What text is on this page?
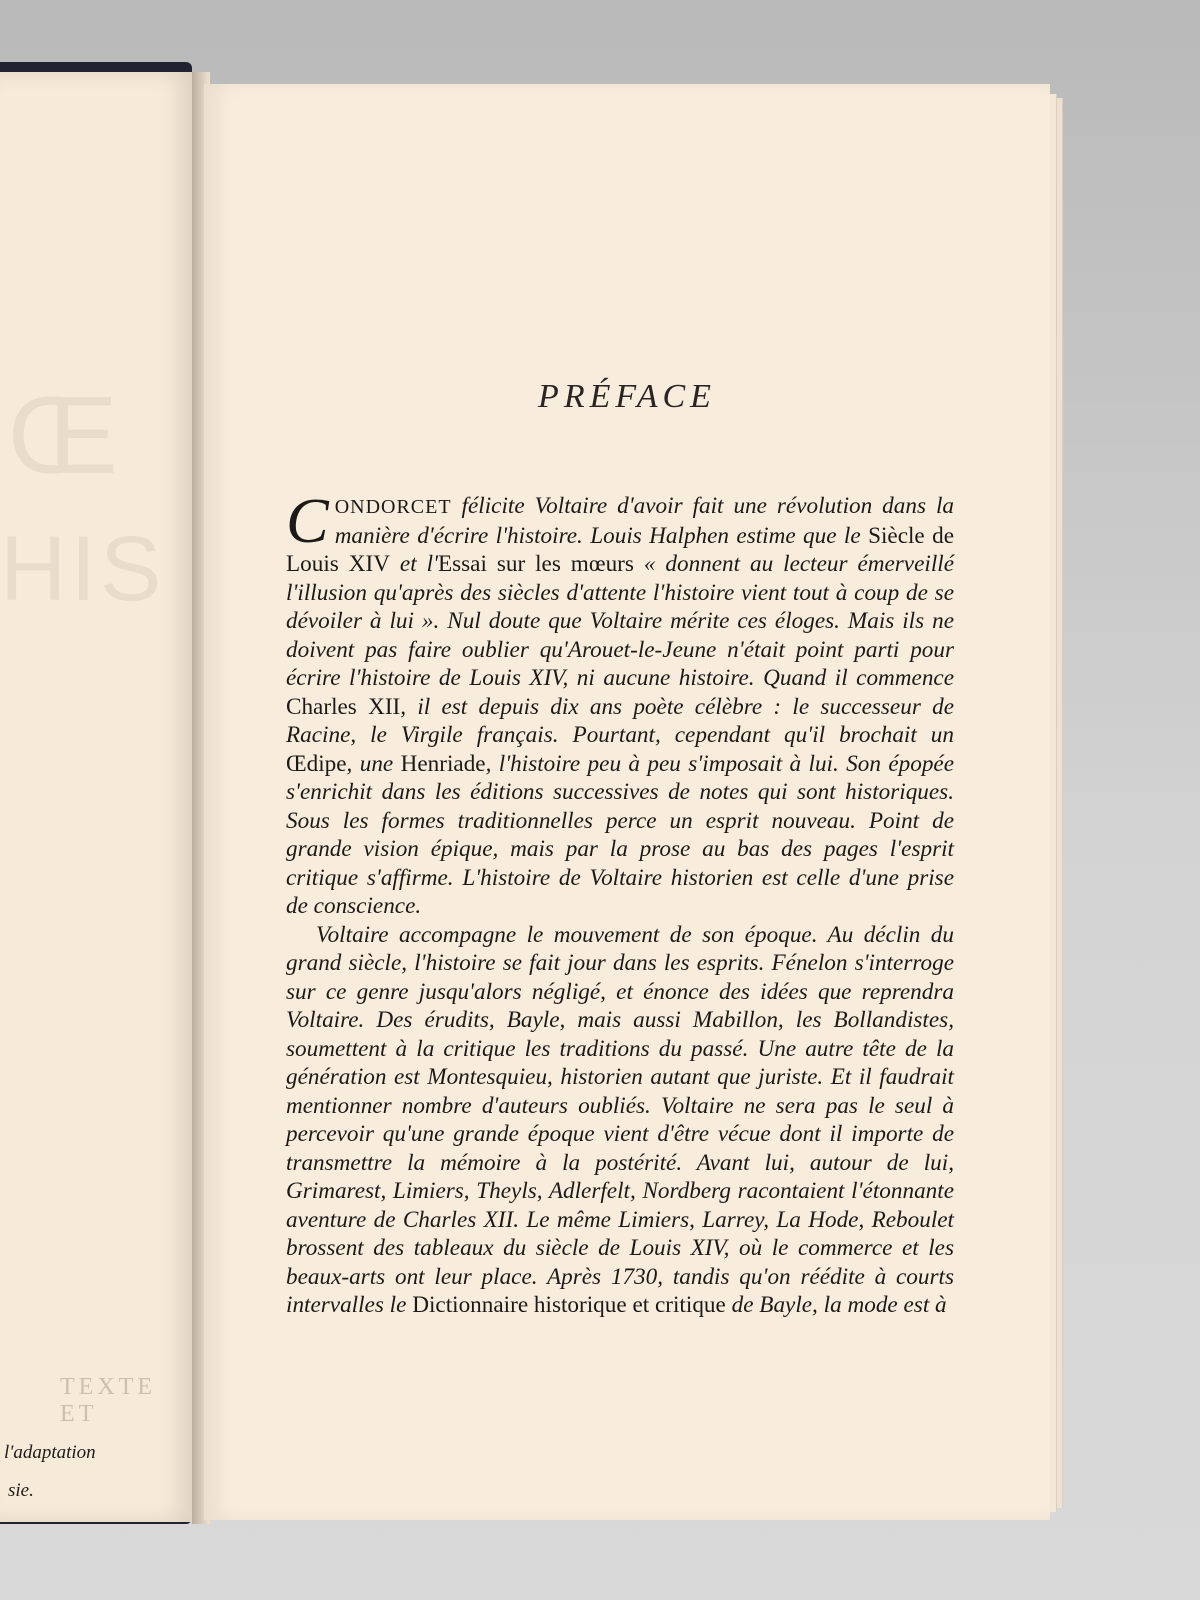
Œ
HIS
TEXTE ET
l'adaptation
sie.
PRÉFACE

CONDORCET félicite Voltaire d'avoir fait une révolution dans la manière d'écrire l'histoire. Louis Halphen estime que le Siècle de Louis XIV et l'Essai sur les mœurs « donnent au lecteur émerveillé l'illusion qu'après des siècles d'attente l'histoire vient tout à coup de se dévoiler à lui ». Nul doute que Voltaire mérite ces éloges. Mais ils ne doivent pas faire oublier qu'Arouet-le-Jeune n'était point parti pour écrire l'histoire de Louis XIV, ni aucune histoire. Quand il commence Charles XII, il est depuis dix ans poète célèbre : le successeur de Racine, le Virgile français. Pourtant, cependant qu'il brochait un Œdipe, une Henriade, l'histoire peu à peu s'imposait à lui. Son épopée s'enrichit dans les éditions successives de notes qui sont historiques. Sous les formes traditionnelles perce un esprit nouveau. Point de grande vision épique, mais par la prose au bas des pages l'esprit critique s'affirme. L'histoire de Voltaire historien est celle d'une prise de conscience.

Voltaire accompagne le mouvement de son époque. Au déclin du grand siècle, l'histoire se fait jour dans les esprits. Fénelon s'interroge sur ce genre jusqu'alors négligé, et énonce des idées que reprendra Voltaire. Des érudits, Bayle, mais aussi Mabillon, les Bollandistes, soumettent à la critique les traditions du passé. Une autre tête de la génération est Montesquieu, historien autant que juriste. Et il faudrait mentionner nombre d'auteurs oubliés. Voltaire ne sera pas le seul à percevoir qu'une grande époque vient d'être vécue dont il importe de transmettre la mémoire à la postérité. Avant lui, autour de lui, Grimarest, Limiers, Theyls, Adlerfelt, Nordberg racontaient l'étonnante aventure de Charles XII. Le même Limiers, Larrey, La Hode, Reboulet brossent des tableaux du siècle de Louis XIV, où le commerce et les beaux-arts ont leur place. Après 1730, tandis qu'on réédite à courts intervalles le Dictionnaire historique et critique de Bayle, la mode est à
